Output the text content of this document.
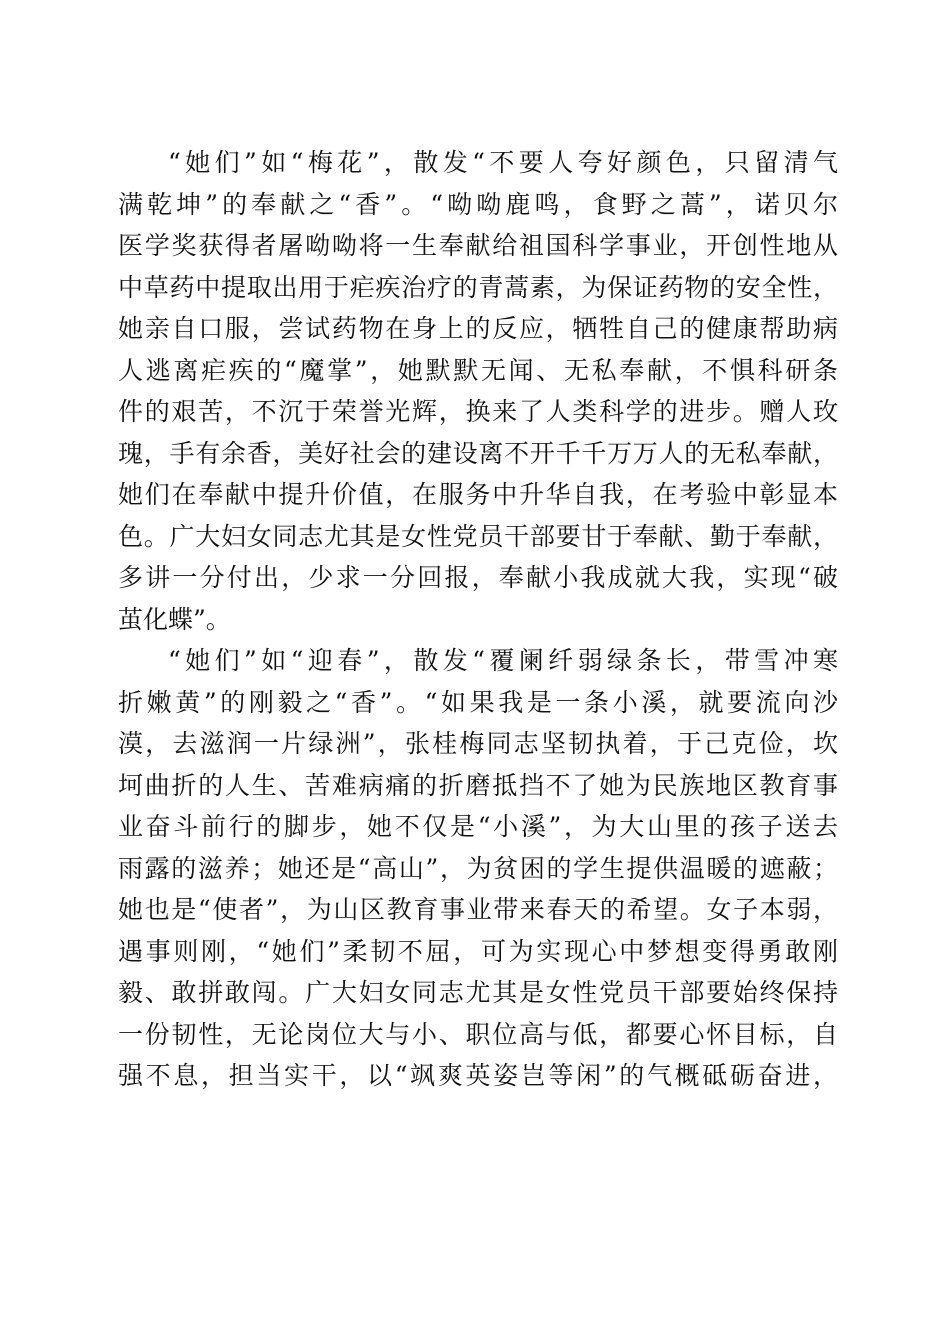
“她们”如“梅花”，散发“不要人夸好颜色，只留清气
满乾坤”的奉献之“香”。“呦呦鹿鸣，食野之蒿”，诺贝尔
医学奖获得者屠呦呦将一生奉献给祖国科学事业，开创性地从
中草药中提取出用于疟疾治疗的青蒿素，为保证药物的安全性，
她亲自口服，尝试药物在身上的反应，牺牲自己的健康帮助病
人逃离疟疾的“魔掌”，她默默无闻、无私奉献，不惧科研条
件的艰苦，不沉于荣誉光辉，换来了人类科学的进步。赠人玫
瑰，手有余香，美好社会的建设离不开千千万万人的无私奉献，
她们在奉献中提升价值，在服务中升华自我，在考验中彰显本
色。广大妇女同志尤其是女性党员干部要甘于奉献、勤于奉献，
多讲一分付出，少求一分回报，奉献小我成就大我，实现“破
茧化蝶”。
“她们”如“迎春”，散发“覆阑纤弱绿条长，带雪冲寒
折嫩黄”的刚毅之“香”。“如果我是一条小溪，就要流向沙
漠，去滋润一片绿洲”，张桂梅同志坚韧执着，于己克俭，坎
坷曲折的人生、苦难病痛的折磨抵挡不了她为民族地区教育事
业奋斗前行的脚步，她不仅是“小溪”，为大山里的孩子送去
雨露的滋养；她还是“高山”，为贫困的学生提供温暖的遮蔽；
她也是“使者”，为山区教育事业带来春天的希望。女子本弱，
遇事则刚，“她们”柔韧不屈，可为实现心中梦想变得勇敢刚
毅、敢拼敢闯。广大妇女同志尤其是女性党员干部要始终保持
一份韧性，无论岗位大与小、职位高与低，都要心怀目标，自
强不息，担当实干，以“飒爽英姿岂等闲”的气概砥砺奋进，
